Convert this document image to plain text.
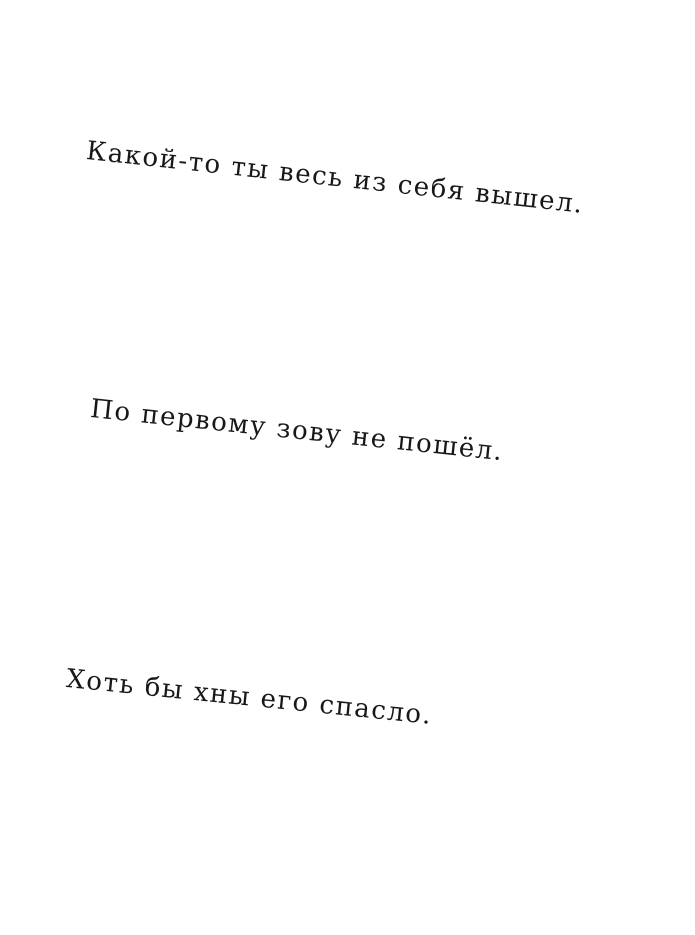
Какой-то ты весь из себя вышел.
По первому зову не пошёл.
Хоть бы хны его спасло.
